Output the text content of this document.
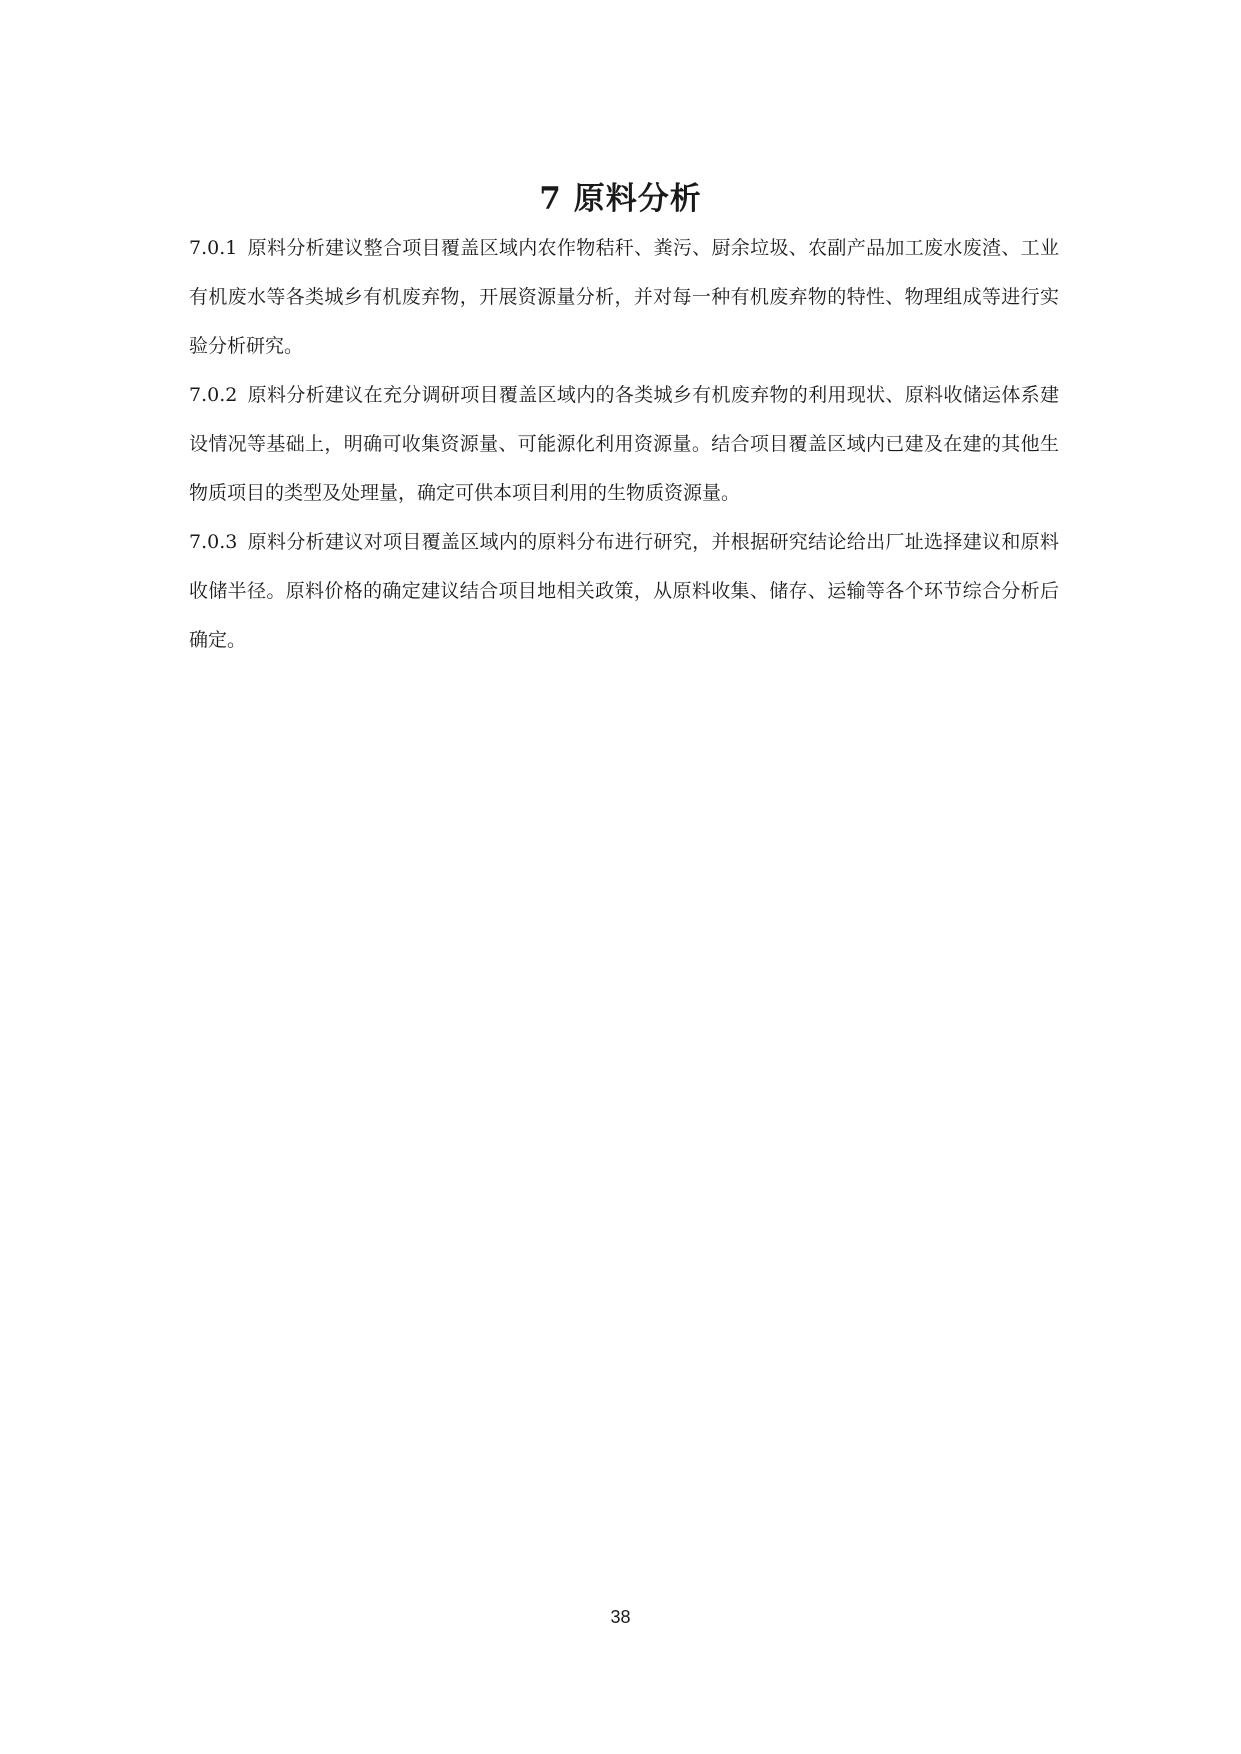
7 原料分析

7.0.1 原料分析建议整合项目覆盖区域内农作物秸秆、粪污、厨余垃圾、农副产品加工废水废渣、工业有机废水等各类城乡有机废弃物，开展资源量分析，并对每一种有机废弃物的特性、物理组成等进行实验分析研究。

7.0.2 原料分析建议在充分调研项目覆盖区域内的各类城乡有机废弃物的利用现状、原料收储运体系建设情况等基础上，明确可收集资源量、可能源化利用资源量。结合项目覆盖区域内已建及在建的其他生物质项目的类型及处理量，确定可供本项目利用的生物质资源量。

7.0.3 原料分析建议对项目覆盖区域内的原料分布进行研究，并根据研究结论给出厂址选择建议和原料收储半径。原料价格的确定建议结合项目地相关政策，从原料收集、储存、运输等各个环节综合分析后确定。

38
